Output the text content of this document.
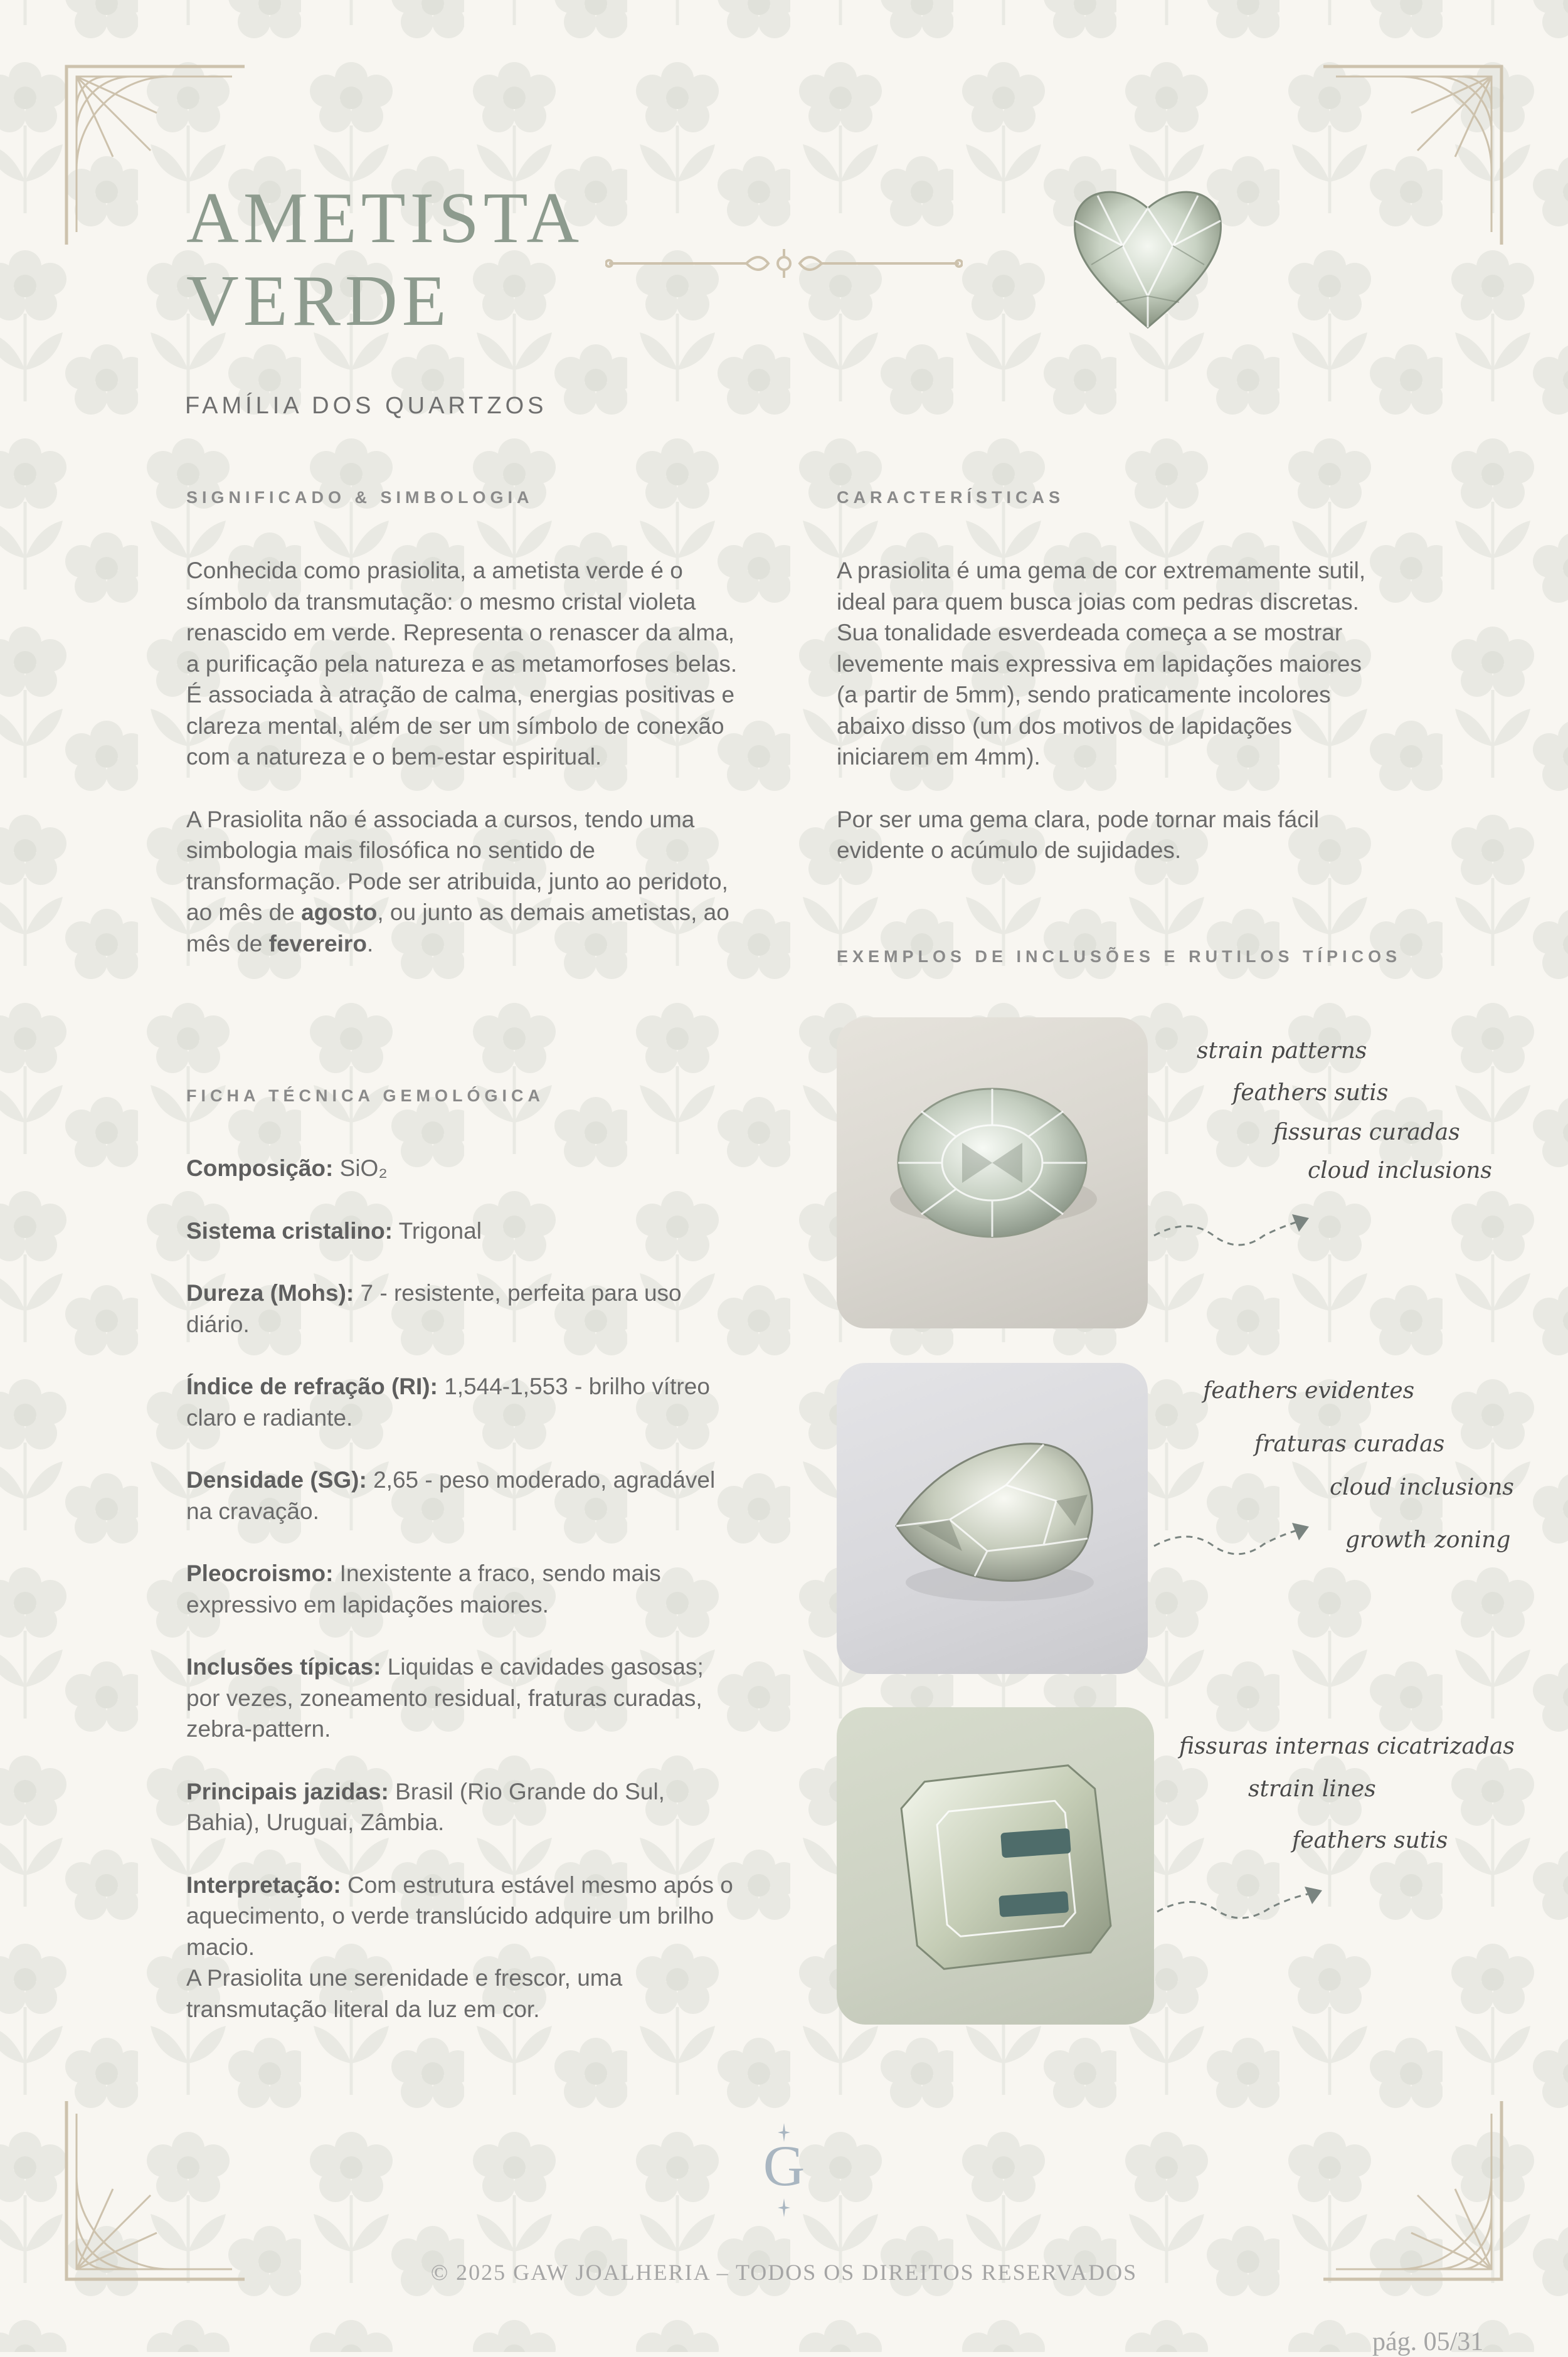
AMETISTA
VERDE
FAMÍLIA DOS QUARTZOS
SIGNIFICADO & SIMBOLOGIA

Conhecida como prasiolita, a ametista verde é o símbolo da transmutação: o mesmo cristal violeta renascido em verde. Representa o renascer da alma, a purificação pela natureza e as metamorfoses belas. É associada à atração de calma, energias positivas e clareza mental, além de ser um símbolo de conexão com a natureza e o bem-estar espiritual.

A Prasiolita não é associada a cursos, tendo uma simbologia mais filosófica no sentido de transformação. Pode ser atribuida, junto ao peridoto, ao mês de agosto, ou junto as demais ametistas, ao mês de fevereiro.

FICHA TÉCNICA GEMOLÓGICA

Composição: SiO₂

Sistema cristalino: Trigonal

Dureza (Mohs): 7 - resistente, perfeita para uso diário.

Índice de refração (RI): 1,544-1,553 - brilho vítreo claro e radiante.

Densidade (SG): 2,65 - peso moderado, agradável na cravação.

Pleocroismo: Inexistente a fraco, sendo mais expressivo em lapidações maiores.

Inclusões típicas: Liquidas e cavidades gasosas; por vezes, zoneamento residual, fraturas curadas, zebra-pattern.

Principais jazidas: Brasil (Rio Grande do Sul, Bahia), Uruguai, Zâmbia.

Interpretação: Com estrutura estável mesmo após o aquecimento, o verde translúcido adquire um brilho macio.
A Prasiolita une serenidade e frescor, uma transmutação literal da luz em cor.

CARACTERÍSTICAS

A prasiolita é uma gema de cor extremamente sutil, ideal para quem busca joias com pedras discretas. Sua tonalidade esverdeada começa a se mostrar levemente mais expressiva em lapidações maiores (a partir de 5mm), sendo praticamente incolores abaixo disso (um dos motivos de lapidações iniciarem em 4mm).

Por ser uma gema clara, pode tornar mais fácil evidente o acúmulo de sujidades.

EXEMPLOS DE INCLUSÕES E RUTILOS TÍPICOS
strain patterns
feathers sutis
fissuras curadas
cloud inclusions
feathers evidentes
fraturas curadas
cloud inclusions
growth zoning
fissuras internas cicatrizadas
strain lines
feathers sutis
G
© 2025 GAW JOALHERIA – TODOS OS DIREITOS RESERVADOS
pág. 05/31
